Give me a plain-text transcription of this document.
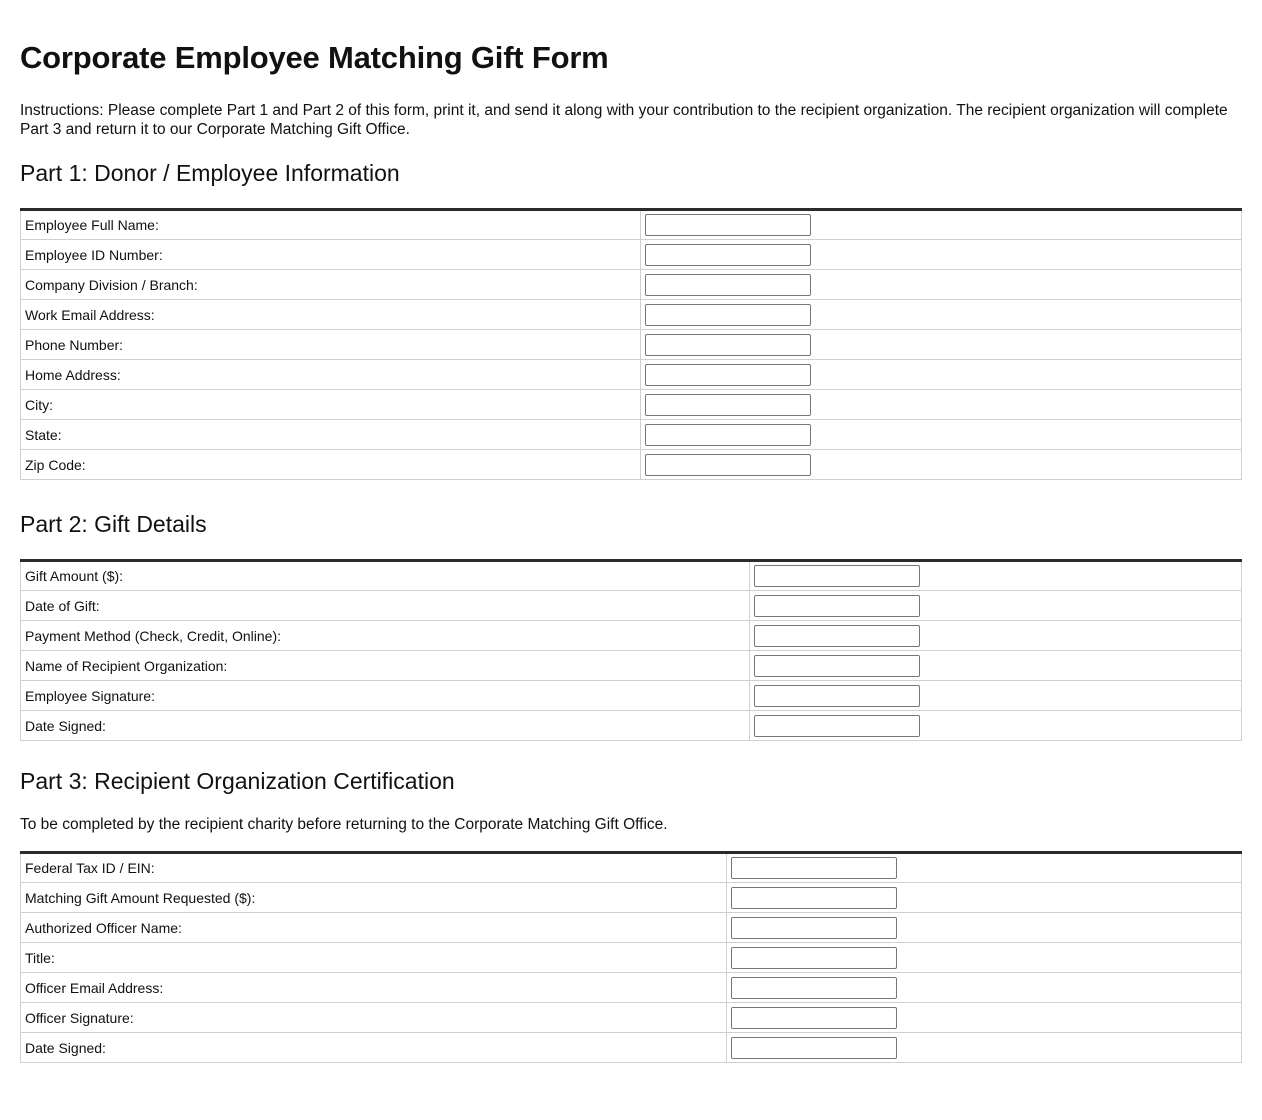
Corporate Employee Matching Gift Form

Instructions: Please complete Part 1 and Part 2 of this form, print it, and send it along with your contribution to the recipient organization. The recipient organization will complete Part 3 and return it to our Corporate Matching Gift Office.

Part 1: Donor / Employee Information
Employee Full Name:	

Employee ID Number:	

Company Division / Branch:	

Work Email Address:	

Phone Number:	

Home Address:	

City:	

State:	

Zip Code:	
Part 2: Gift Details
Gift Amount ($):	

Date of Gift:	

Payment Method (Check, Credit, Online):	

Name of Recipient Organization:	

Employee Signature:	

Date Signed:	
Part 3: Recipient Organization Certification

To be completed by the recipient charity before returning to the Corporate Matching Gift Office.

Federal Tax ID / EIN:	

Matching Gift Amount Requested ($):	

Authorized Officer Name:	

Title:	

Officer Email Address:	

Officer Signature:	

Date Signed:	
